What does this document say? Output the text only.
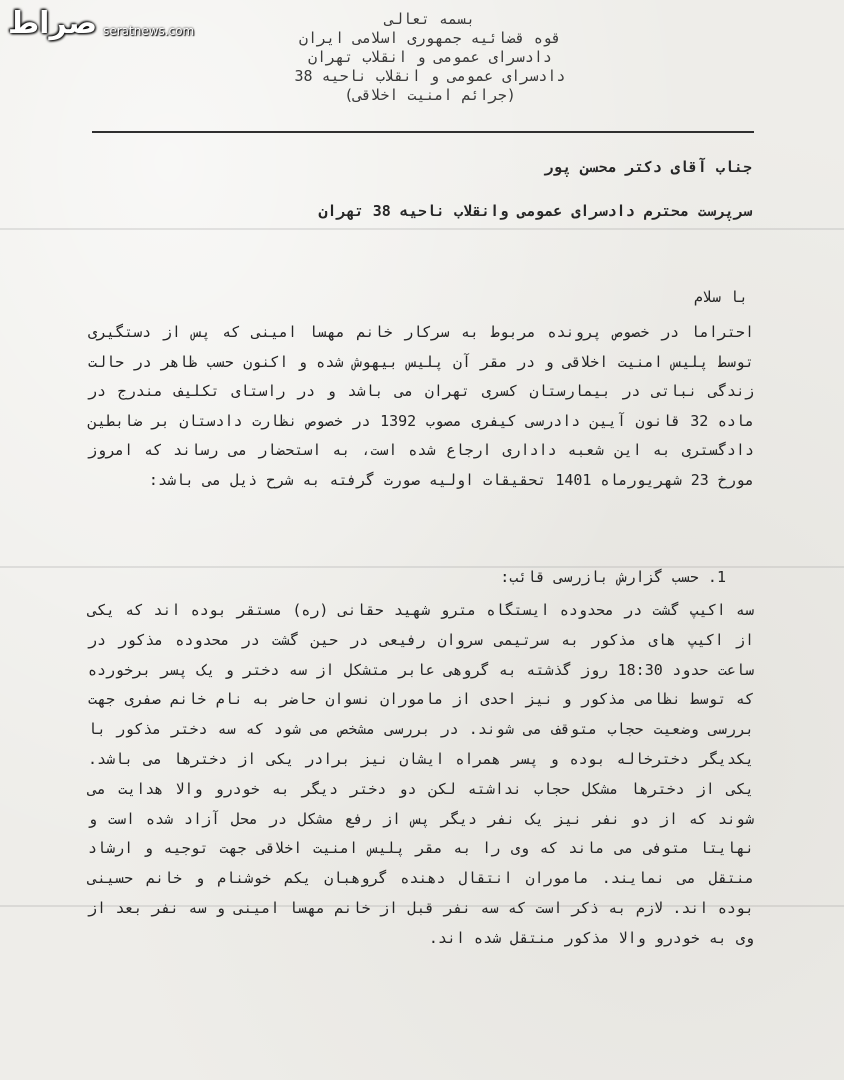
صراط seratnews.com
بسمه تعالی
قوه قضائیه جمهوری اسلامی ایران
دادسرای عمومی و انقلاب تهران
دادسرای عمومی و انقلاب ناحیه 38
(جرائم امنیت اخلاقی)
جناب آقای دکتر محسن پور
سرپرست محترم دادسرای عمومی وانقلاب ناحیه 38 تهران
با سلام

احتراما در خصوص پرونده مربوط به سرکار خانم مهسا امینی که پس از دستگیری توسط پلیس امنیت اخلاقی و در مقر آن پلیس بیهوش شده و اکنون حسب ظاهر در حالت زندگی نباتی در بیمارستان کسری تهران می باشد و در راستای تکلیف مندرج در ماده 32 قانون آیین دادرسی کیفری مصوب 1392 در خصوص نظارت دادستان بر ضابطین دادگستری به این شعبه داداری ارجاع شده است، به استحضار می رساند که امروز مورخ 23 شهریورماه 1401 تحقیقات اولیه صورت گرفته به شرح ذیل می باشد:

1. حسب گزارش بازرسی قائب:

سه اکیپ گشت در محدوده ایستگاه مترو شهید حقانی (ره) مستقر بوده اند که یکی از اکیپ های مذکور به سرتیمی سروان رفیعی در حین گشت در محدوده مذکور در ساعت حدود 18:30 روز گذشته به گروهی عابر متشکل از سه دختر و یک پسر برخورده که توسط نظامی مذکور و نیز احدی از ماموران نسوان حاضر به نام خانم صفری جهت بررسی وضعیت حجاب متوقف می شوند. در بررسی مشخص می شود که سه دختر مذکور با یکدیگر دخترخاله بوده و پسر همراه ایشان نیز برادر یکی از دخترها می باشد. یکی از دخترها مشکل حجاب نداشته لکن دو دختر دیگر به خودرو والا هدایت می شوند که از دو نفر نیز یک نفر دیگر پس از رفع مشکل در محل آزاد شده است و نهایتا متوفی می ماند که وی را به مقر پلیس امنیت اخلاقی جهت توجیه و ارشاد منتقل می نمایند. ماموران انتقال دهنده گروهبان یکم خوشنام و خانم حسینی بوده اند. لازم به ذکر است که سه نفر قبل از خانم مهسا امینی و سه نفر بعد از وی به خودرو والا مذکور منتقل شده اند.
